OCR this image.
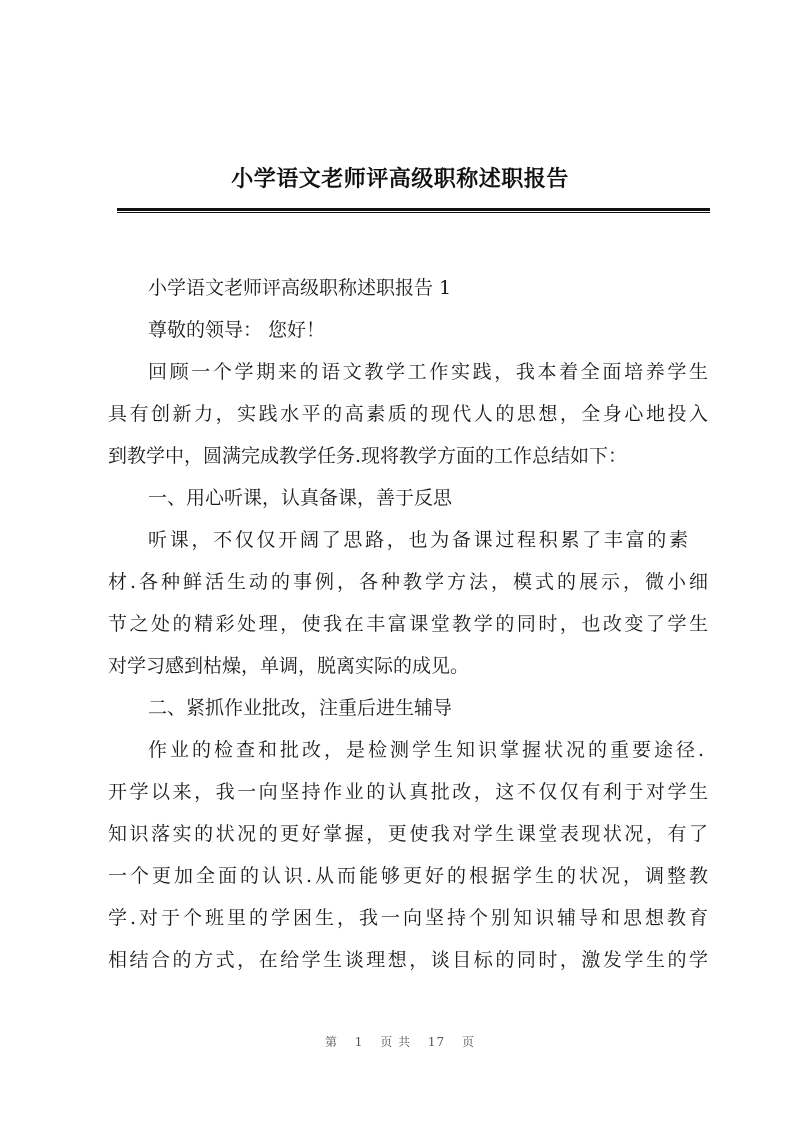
小学语文老师评高级职称述职报告
小学语文老师评高级职称述职报告 1
尊敬的领导： 您好！
回顾一个学期来的语文教学工作实践，我本着全面培养学生
具有创新力，实践水平的高素质的现代人的思想，全身心地投入
到教学中，圆满完成教学任务.现将教学方面的工作总结如下：
一、用心听课，认真备课，善于反思
听课，不仅仅开阔了思路，也为备课过程积累了丰富的素
材.各种鲜活生动的事例，各种教学方法，模式的展示，微小细
节之处的精彩处理，使我在丰富课堂教学的同时，也改变了学生
对学习感到枯燥，单调，脱离实际的成见。
二、紧抓作业批改，注重后进生辅导
作业的检查和批改，是检测学生知识掌握状况的重要途径.
开学以来，我一向坚持作业的认真批改，这不仅仅有利于对学生
知识落实的状况的更好掌握，更使我对学生课堂表现状况，有了
一个更加全面的认识.从而能够更好的根据学生的状况，调整教
学.对于个班里的学困生，我一向坚持个别知识辅导和思想教育
相结合的方式，在给学生谈理想，谈目标的同时，激发学生的学
第 1 页 共 17 页
